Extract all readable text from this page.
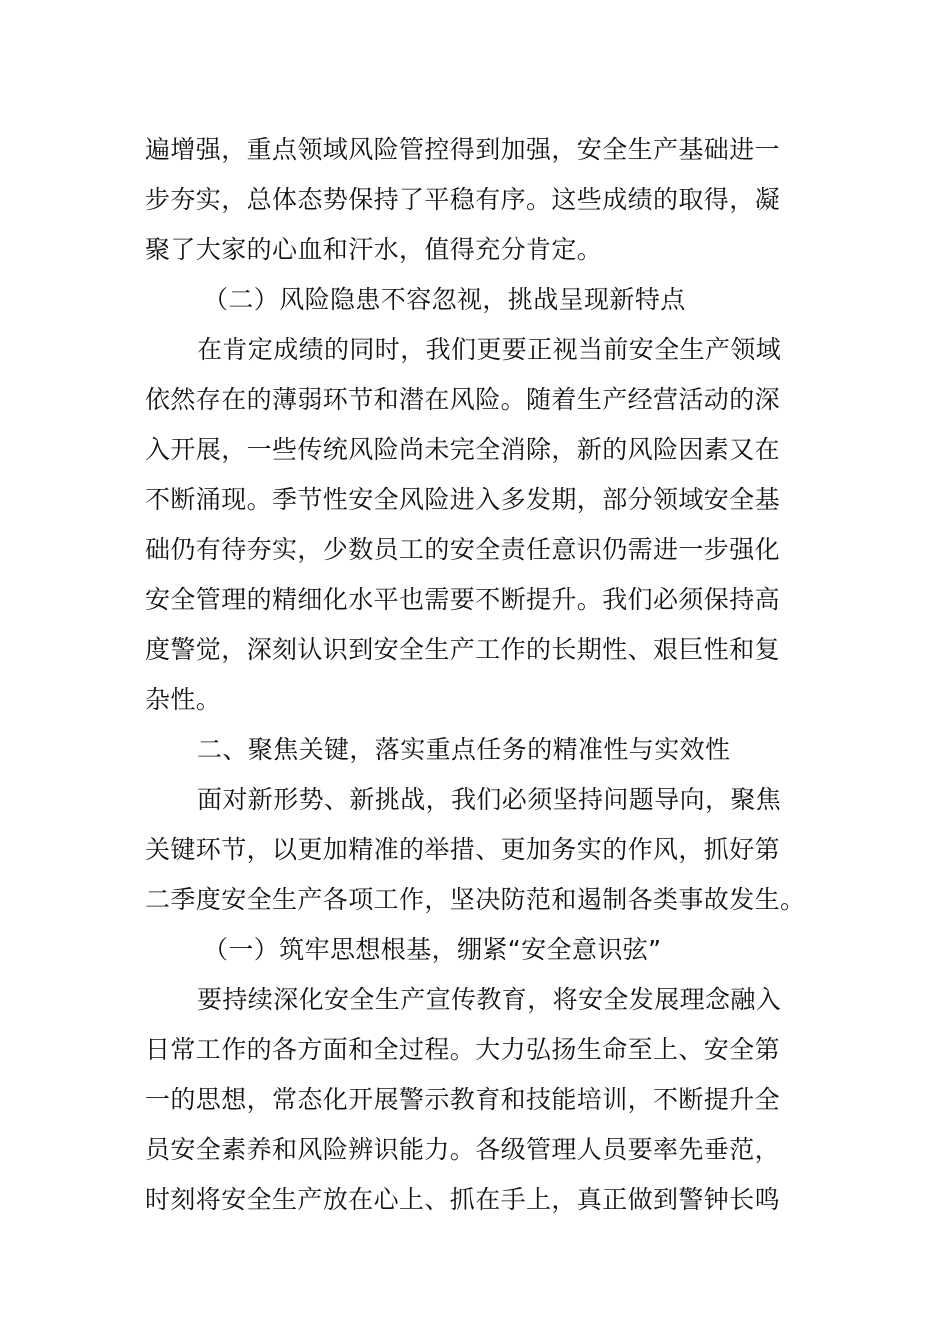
遍增强，重点领域风险管控得到加强，安全生产基础进一
步夯实，总体态势保持了平稳有序。这些成绩的取得，凝
聚了大家的心血和汗水，值得充分肯定。
（二）风险隐患不容忽视，挑战呈现新特点
在肯定成绩的同时，我们更要正视当前安全生产领域
依然存在的薄弱环节和潜在风险。随着生产经营活动的深
入开展，一些传统风险尚未完全消除，新的风险因素又在
不断涌现。季节性安全风险进入多发期，部分领域安全基
础仍有待夯实，少数员工的安全责任意识仍需进一步强化
安全管理的精细化水平也需要不断提升。我们必须保持高
度警觉，深刻认识到安全生产工作的长期性、艰巨性和复
杂性。
二、聚焦关键，落实重点任务的精准性与实效性
面对新形势、新挑战，我们必须坚持问题导向，聚焦
关键环节，以更加精准的举措、更加务实的作风，抓好第
二季度安全生产各项工作，坚决防范和遏制各类事故发生。
（一）筑牢思想根基，绷紧“安全意识弦”
要持续深化安全生产宣传教育，将安全发展理念融入
日常工作的各方面和全过程。大力弘扬生命至上、安全第
一的思想，常态化开展警示教育和技能培训，不断提升全
员安全素养和风险辨识能力。各级管理人员要率先垂范，
时刻将安全生产放在心上、抓在手上，真正做到警钟长鸣
